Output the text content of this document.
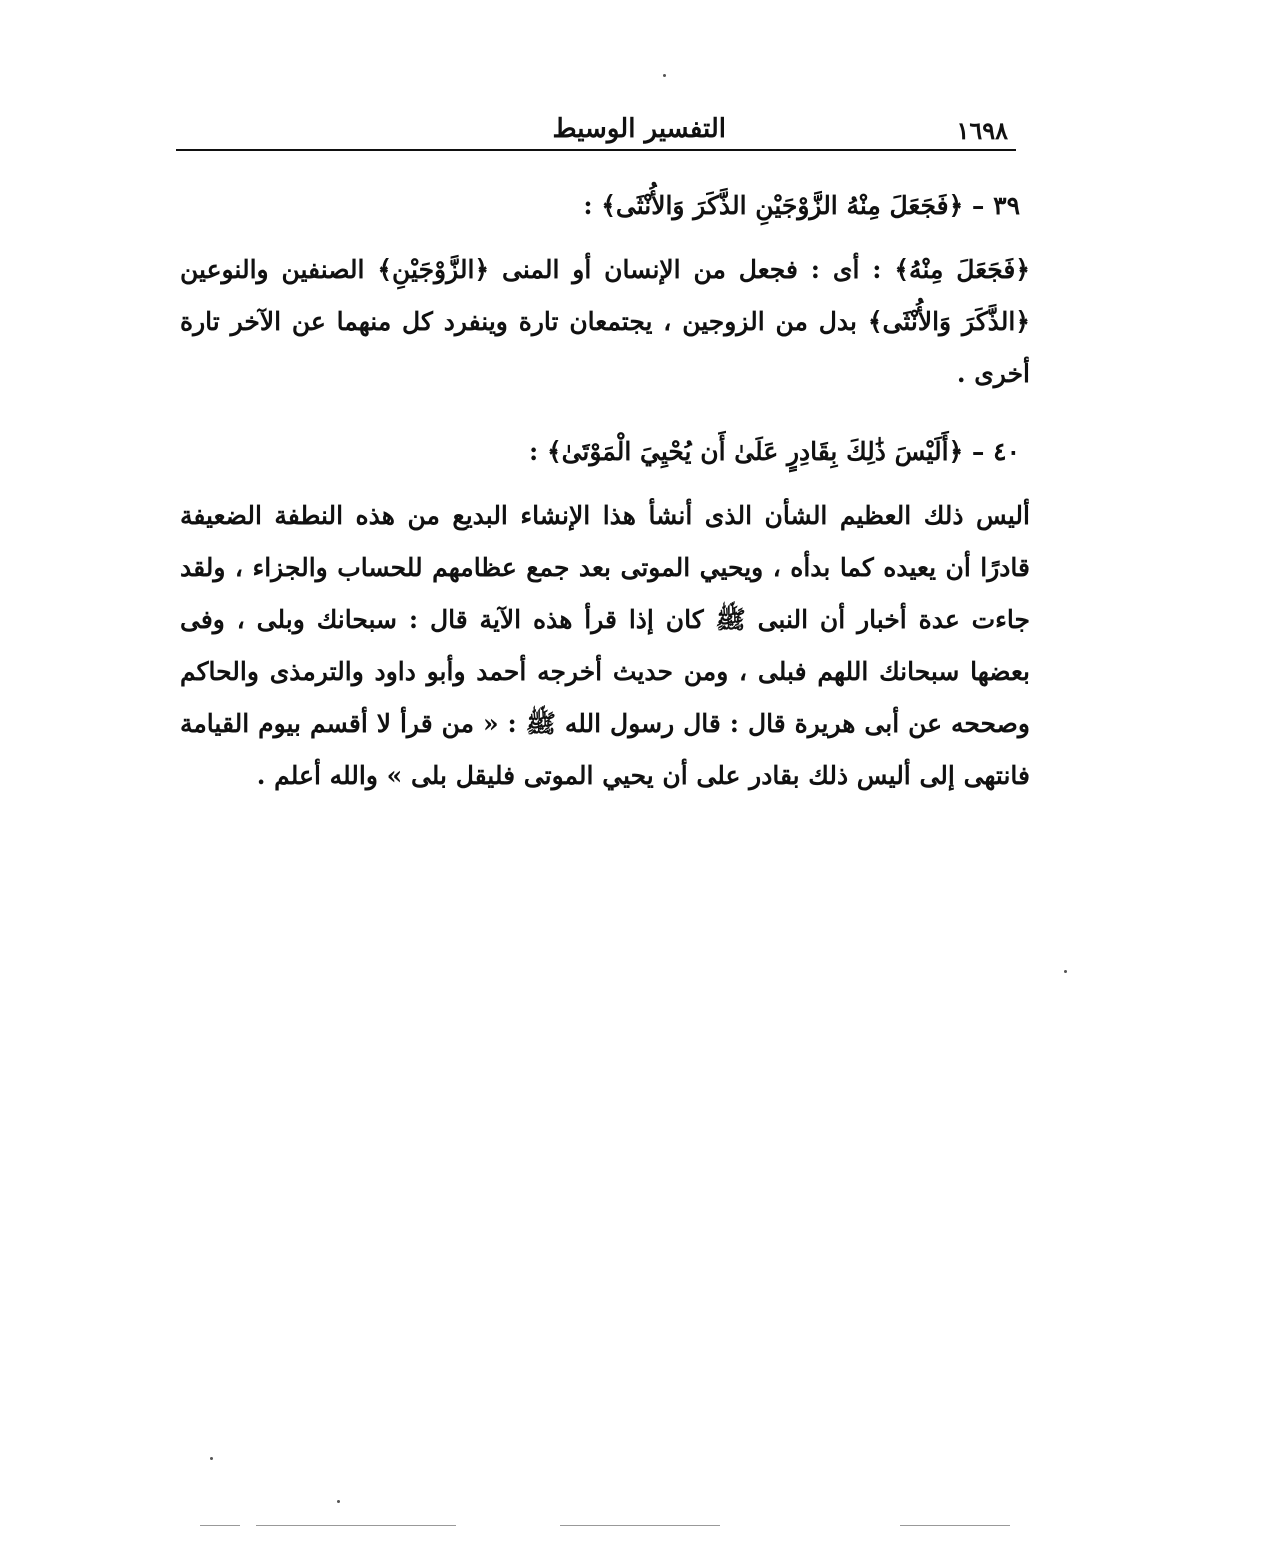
١٦٩٨
التفسير الوسيط

٣٩ – ﴿فَجَعَلَ مِنْهُ الزَّوْجَيْنِ الذَّكَرَ وَالأُنْثَى﴾ :

﴿فَجَعَلَ مِنْهُ﴾ : أى : فجعل من الإنسان أو المنى ﴿الزَّوْجَيْنِ﴾ الصنفين والنوعين ﴿الذَّكَرَ وَالأُنْثَى﴾ بدل من الزوجين ، يجتمعان تارة وينفرد كل منهما عن الآخر تارة أخرى .

٤٠ – ﴿أَلَيْسَ ذَٰلِكَ بِقَادِرٍ عَلَىٰ أَن يُحْيِيَ الْمَوْتَىٰ﴾ :

أليس ذلك العظيم الشأن الذى أنشأ هذا الإنشاء البديع من هذه النطفة الضعيفة قادرًا أن يعيده كما بدأه ، ويحيي الموتى بعد جمع عظامهم للحساب والجزاء ، ولقد جاءت عدة أخبار أن النبى ﷺ كان إذا قرأ هذه الآية قال : سبحانك وبلى ، وفى بعضها سبحانك اللهم فبلى ، ومن حديث أخرجه أحمد وأبو داود والترمذى والحاكم وصححه عن أبى هريرة قال : قال رسول الله ﷺ : « من قرأ لا أقسم بيوم القيامة فانتهى إلى أليس ذلك بقادر على أن يحيي الموتى فليقل بلى » والله أعلم .
